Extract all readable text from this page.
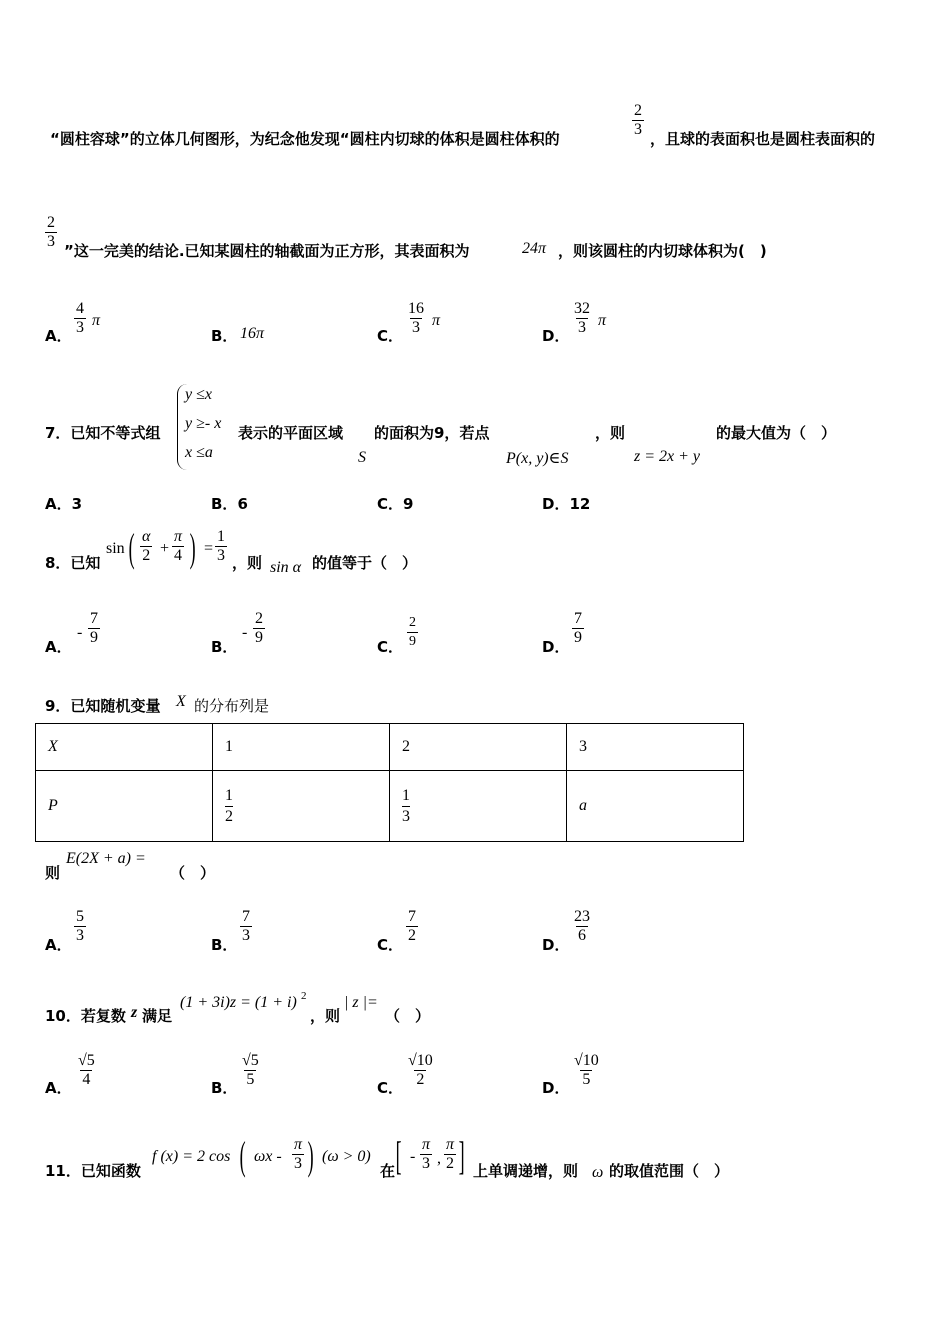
“圆柱容球”的立体几何图形，为纪念他发现“圆柱内切球的体积是圆柱体积的	$\frac{2}{3}$ ，且球的表面积也是圆柱表面积的
$\frac{2}{3}$ ”这一完美的结论.已知某圆柱的轴截面为正方形，其表面积为	24π ，则该圆柱的内切球体积为(　)
A． $\frac{4}{3}$ π
B． 16π	C． $\frac{16}{3}$ π
D． $\frac{32}{3}$ π
7．已知不等式组
y ≤x
y ≥- x
x ≤a
表示的平面区域
S
的面积为9，若点
P(x, y)∈S
，则
z = 2x + y
的最大值为（　）
A．3	B．6	C．9	D．12
8．已知
sin ( $\frac{\alpha}{2} + \frac{\pi}{4}$ ) = $\frac{1}{3}$ ，则 sin α 的值等于（　）
A．
- $\frac{7}{9}$	B．
- $\frac{2}{9}$	C． $\frac{2}{9}$	D． $\frac{7}{9}$
9．已知随机变量 X 的分布列是
X	1	2	3
P	$\frac{1}{2}$	$\frac{1}{3}$	a
则
E(2X + a) =
（　）
A． $\frac{5}{3}$	B． $\frac{7}{3}$	C． $\frac{7}{2}$	D． $\frac{23}{6}$
10．若复数 z 满足
(1 + 3i)z = (1 + i) 2
，则
| z |=
（　）
A． $\frac{√5}{4}$	B． $\frac{√5}{5}$	C． $\frac{√10}{2}$	D． $\frac{√10}{5}$
11．已知函数
f (x) = 2 cos ( ωx - $\frac{\pi}{3}$ ) (ω > 0)
在 [ - $\frac{\pi}{3}$ , $\frac{\pi}{2}$ ] 上单调递增，则 ω 的取值范围（　）
